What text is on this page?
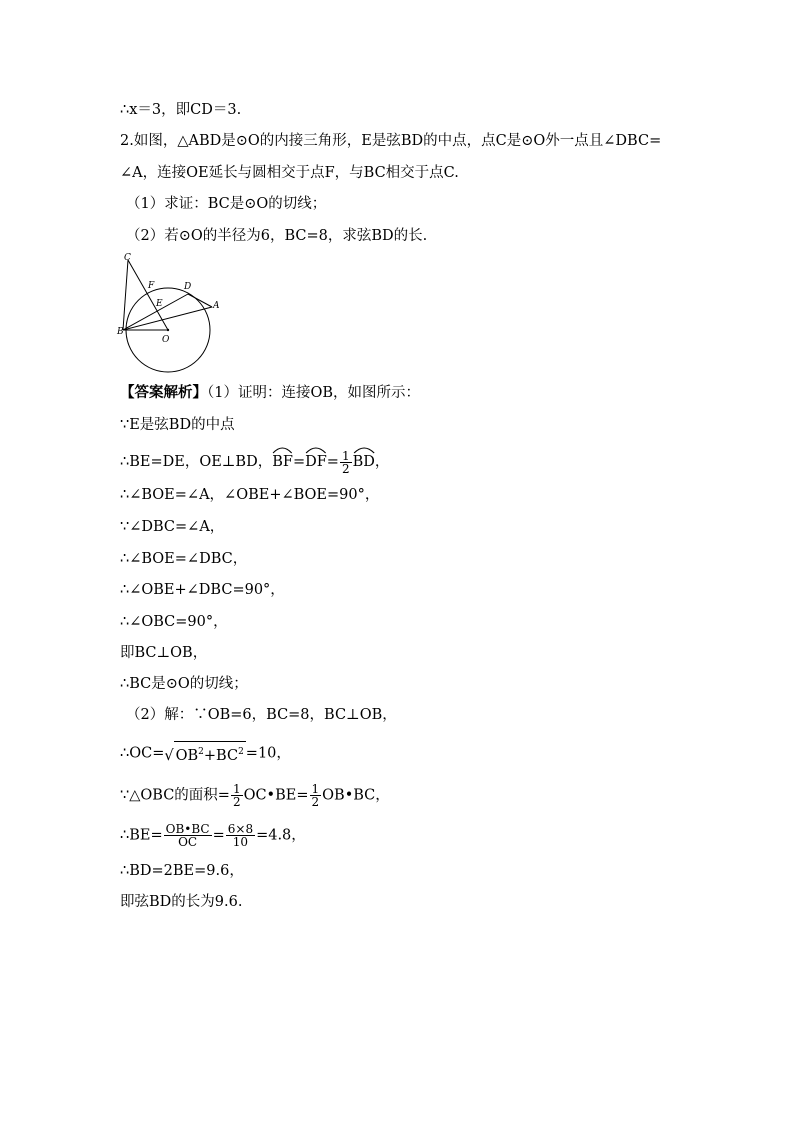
∴x＝3，即CD＝3.
2.如图，△ABD是⊙O的内接三角形，E是弦BD的中点，点C是⊙O外一点且∠DBC=
∠A，连接OE延长与圆相交于点F，与BC相交于点C.
（1）求证：BC是⊙O的切线；
（2）若⊙O的半径为6，BC=8，求弦BD的长.
C
F	D
E	A
B
O
【答案解析】（1）证明：连接OB，如图所示：
∵E是弦BD的中点
∴BE=DE，OE⊥BD，
BF=
$DF= \frac{1}{2}$ BD，
∴∠BOE=∠A，∠OBE+∠BOE=90°，
∵∠DBC=∠A，
∴∠BOE=∠DBC，
∴∠OBE+∠DBC=90°，
∴∠OBC=90°，
即BC⊥OB，
∴BC是⊙O的切线；
（2）解：∵OB=6，BC=8，BC⊥OB，
∴OC=√ $OB^2+BC^2 =10$，
∵△OBC的面积= $\frac{1}{2}$ OC•BE= $\frac{1}{2}$ OB•BC，
∴BE= $\frac{OB•BC}{OC} = \frac{6\times 8}{10} =4.8$，
∴BD=2BE=9.6，
即弦BD的长为9.6.
